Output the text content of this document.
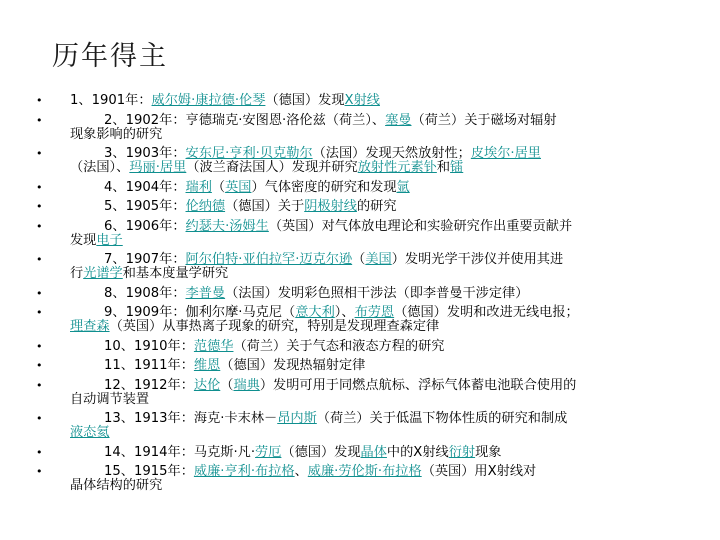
历年得主
• 1、1901年：威尔姆·康拉德·伦琴（德国）发现X射线
•	2、1902年：亨德瑞克·安图恩·洛伦兹（荷兰）、塞曼（荷兰）关于磁场对辐射
现象影响的研究
•	3、1903年：安东尼·亨利·贝克勒尔（法国）发现天然放射性；皮埃尔·居里
（法国）、玛丽·居里（波兰裔法国人）发现并研究放射性元素钋和镭
•	4、1904年：瑞利（英国）气体密度的研究和发现氩
•	5、1905年：伦纳德（德国）关于阴极射线的研究
•	6、1906年：约瑟夫·汤姆生（英国）对气体放电理论和实验研究作出重要贡献并
发现电子
•	7、1907年：阿尔伯特·亚伯拉罕·迈克尔逊（美国）发明光学干涉仪并使用其进
行光谱学和基本度量学研究
•	8、1908年：李普曼（法国）发明彩色照相干涉法（即李普曼干涉定律）
•	9、1909年：伽利尔摩·马克尼（意大利）、布劳恩（德国）发明和改进无线电报；
理查森（英国）从事热离子现象的研究，特别是发现理查森定律
•	10、1910年：范德华（荷兰）关于气态和液态方程的研究
•	11、1911年：维恩（德国）发现热辐射定律
•	12、1912年：达伦（瑞典）发明可用于同燃点航标、浮标气体蓄电池联合使用的
自动调节装置
•	13、1913年：海克·卡末林－昂内斯（荷兰）关于低温下物体性质的研究和制成
液态氦
•	14、1914年：马克斯·凡·劳厄（德国）发现晶体中的X射线衍射现象
•	15、1915年：威廉·亨利·布拉格、威廉·劳伦斯·布拉格（英国）用X射线对
晶体结构的研究
